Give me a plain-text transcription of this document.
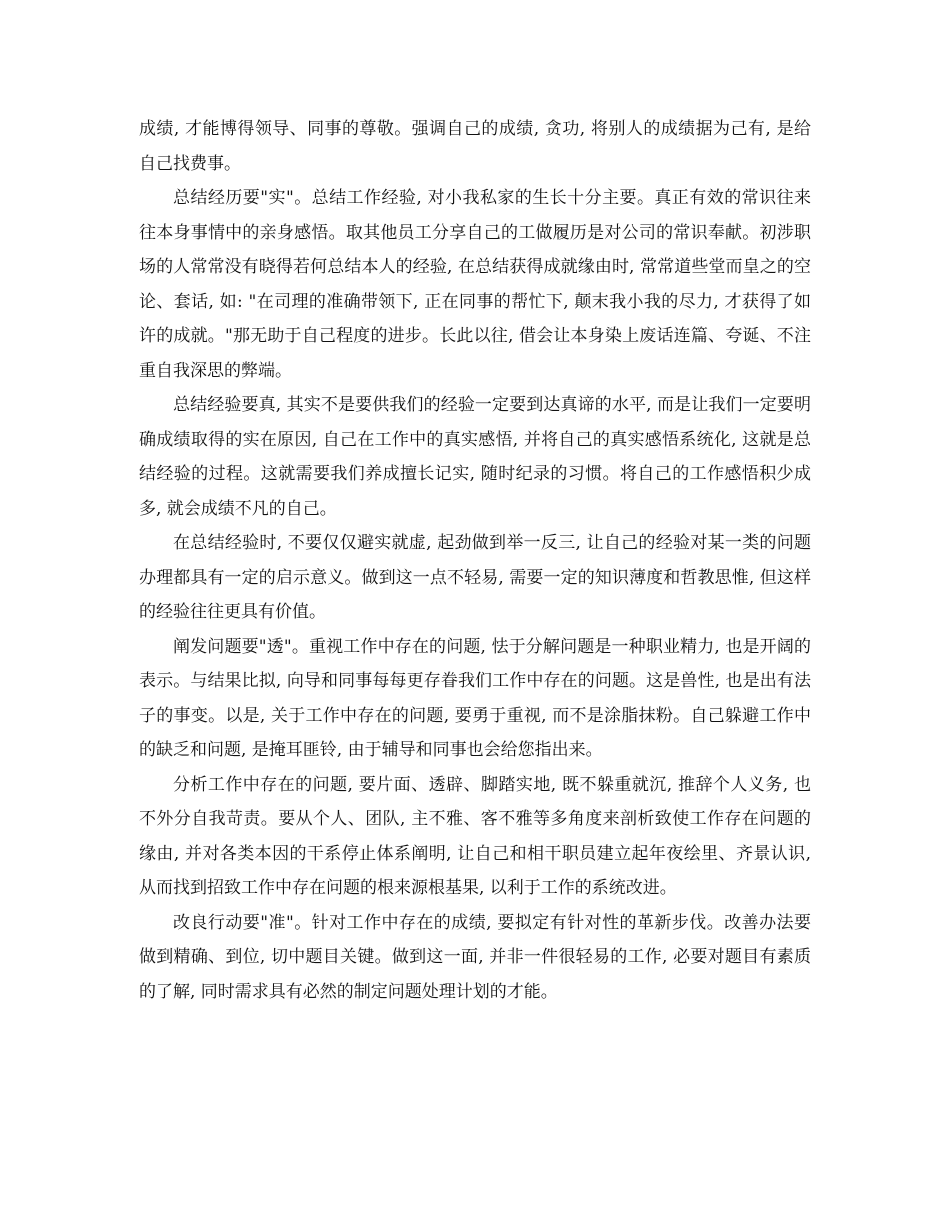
成绩, 才能博得领导、同事的尊敬。强调自己的成绩, 贪功, 将别人的成绩据为己有, 是给自己找费事。

总结经历要"实"。总结工作经验, 对小我私家的生长十分主要。真正有效的常识往来往本身事情中的亲身感悟。取其他员工分享自己的工做履历是对公司的常识奉献。初涉职场的人常常没有晓得若何总结本人的经验, 在总结获得成就缘由时, 常常道些堂而皇之的空论、套话, 如: "在司理的准确带领下, 正在同事的帮忙下, 颠末我小我的尽力, 才获得了如许的成就。"那无助于自己程度的进步。长此以往, 借会让本身染上废话连篇、夸诞、不注重自我深思的弊端。

总结经验要真, 其实不是要供我们的经验一定要到达真谛的水平, 而是让我们一定要明确成绩取得的实在原因, 自己在工作中的真实感悟, 并将自己的真实感悟系统化, 这就是总结经验的过程。这就需要我们养成擅长记实, 随时纪录的习惯。将自己的工作感悟积少成多, 就会成绩不凡的自己。

在总结经验时, 不要仅仅避实就虚, 起劲做到举一反三, 让自己的经验对某一类的问题办理都具有一定的启示意义。做到这一点不轻易, 需要一定的知识薄度和哲教思惟, 但这样的经验往往更具有价值。

阐发问题要"透"。重视工作中存在的问题, 怯于分解问题是一种职业精力, 也是开阔的表示。与结果比拟, 向导和同事每每更存眷我们工作中存在的问题。这是兽性, 也是出有法子的事变。以是, 关于工作中存在的问题, 要勇于重视, 而不是涂脂抹粉。自己躲避工作中的缺乏和问题, 是掩耳匪铃, 由于辅导和同事也会给您指出来。

分析工作中存在的问题, 要片面、透辟、脚踏实地, 既不躲重就沉, 推辞个人义务, 也不外分自我苛责。要从个人、团队, 主不雅、客不雅等多角度来剖析致使工作存在问题的缘由, 并对各类本因的干系停止体系阐明, 让自己和相干职员建立起年夜绘里、齐景认识, 从而找到招致工作中存在问题的根来源根基果, 以利于工作的系统改进。

改良行动要"准"。针对工作中存在的成绩, 要拟定有针对性的革新步伐。改善办法要做到精确、到位, 切中题目关键。做到这一面, 并非一件很轻易的工作, 必要对题目有素质的了解, 同时需求具有必然的制定问题处理计划的才能。
